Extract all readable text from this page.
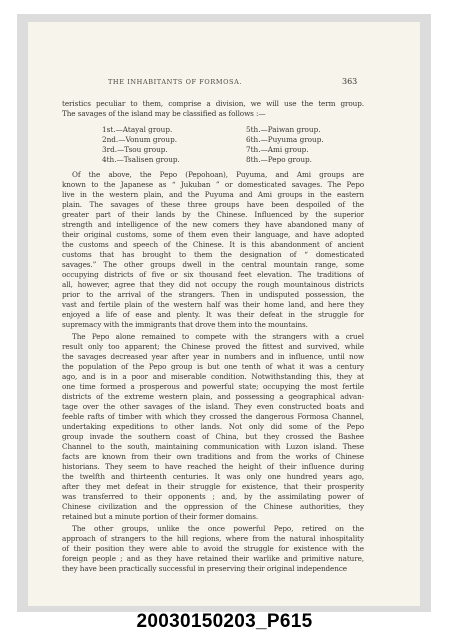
THE INHABITANTS OF FORMOSA.	363
teristics peculiar to them, comprise a division, we will use the term group.
The savages of the island may be classified as follows :—
1st.—Atayal group.
2nd.—Vonum group.
3rd.—Tsou group.
4th.—Tsalisen group.
5th.—Paiwan group.
6th.—Puyuma group.
7th.—Ami group.
8th.—Pepo group.
Of the above, the Pepo (Pepohoan), Puyuma, and Ami groups are
known to the Japanese as “ Jukuban ” or domesticated savages. The Pepo
live in the western plain, and the Puyuma and Ami groups in the eastern
plain. The savages of these three groups have been despoiled of the
greater part of their lands by the Chinese. Influenced by the superior
strength and intelligence of the new comers they have abandoned many of
their original customs, some of them even their language, and have adopted
the customs and speech of the Chinese. It is this abandonment of ancient
customs that has brought to them the designation of “ domesticated
savages.” The other groups dwell in the central mountain range, some
occupying districts of five or six thousand feet elevation. The traditions of
all, however, agree that they did not occupy the rough mountainous districts
prior to the arrival of the strangers. Then in undisputed possession, the
vast and fertile plain of the western half was their home land, and here they
enjoyed a life of ease and plenty. It was their defeat in the struggle for
supremacy with the immigrants that drove them into the mountains.
The Pepo alone remained to compete with the strangers with a cruel
result only too apparent; the Chinese proved the fittest and survived, while
the savages decreased year after year in numbers and in influence, until now
the population of the Pepo group is but one tenth of what it was a century
ago, and is in a poor and miserable condition. Notwithstanding this, they at
one time formed a prosperous and powerful state; occupying the most fertile
districts of the extreme western plain, and possessing a geographical advan-
tage over the other savages of the island. They even constructed boats and
feeble rafts of timber with which they crossed the dangerous Formosa Channel,
undertaking expeditions to other lands. Not only did some of the Pepo
group invade the southern coast of China, but they crossed the Bashee
Channel to the south, maintaining communication with Luzon island. These
facts are known from their own traditions and from the works of Chinese
historians. They seem to have reached the height of their influence during
the twelfth and thirteenth centuries. It was only one hundred years ago,
after they met defeat in their struggle for existence, that their prosperity
was transferred to their opponents ; and, by the assimilating power of
Chinese civilization and the oppression of the Chinese authorities, they
retained but a minute portion of their former domains.
The other groups, unlike the once powerful Pepo, retired on the
approach of strangers to the hill regions, where from the natural inhospitality
of their position they were able to avoid the struggle for existence with the
foreign people ; and as they have retained their warlike and primitive nature,
they have been practically successful in preserving their original independence
20030150203_P615
